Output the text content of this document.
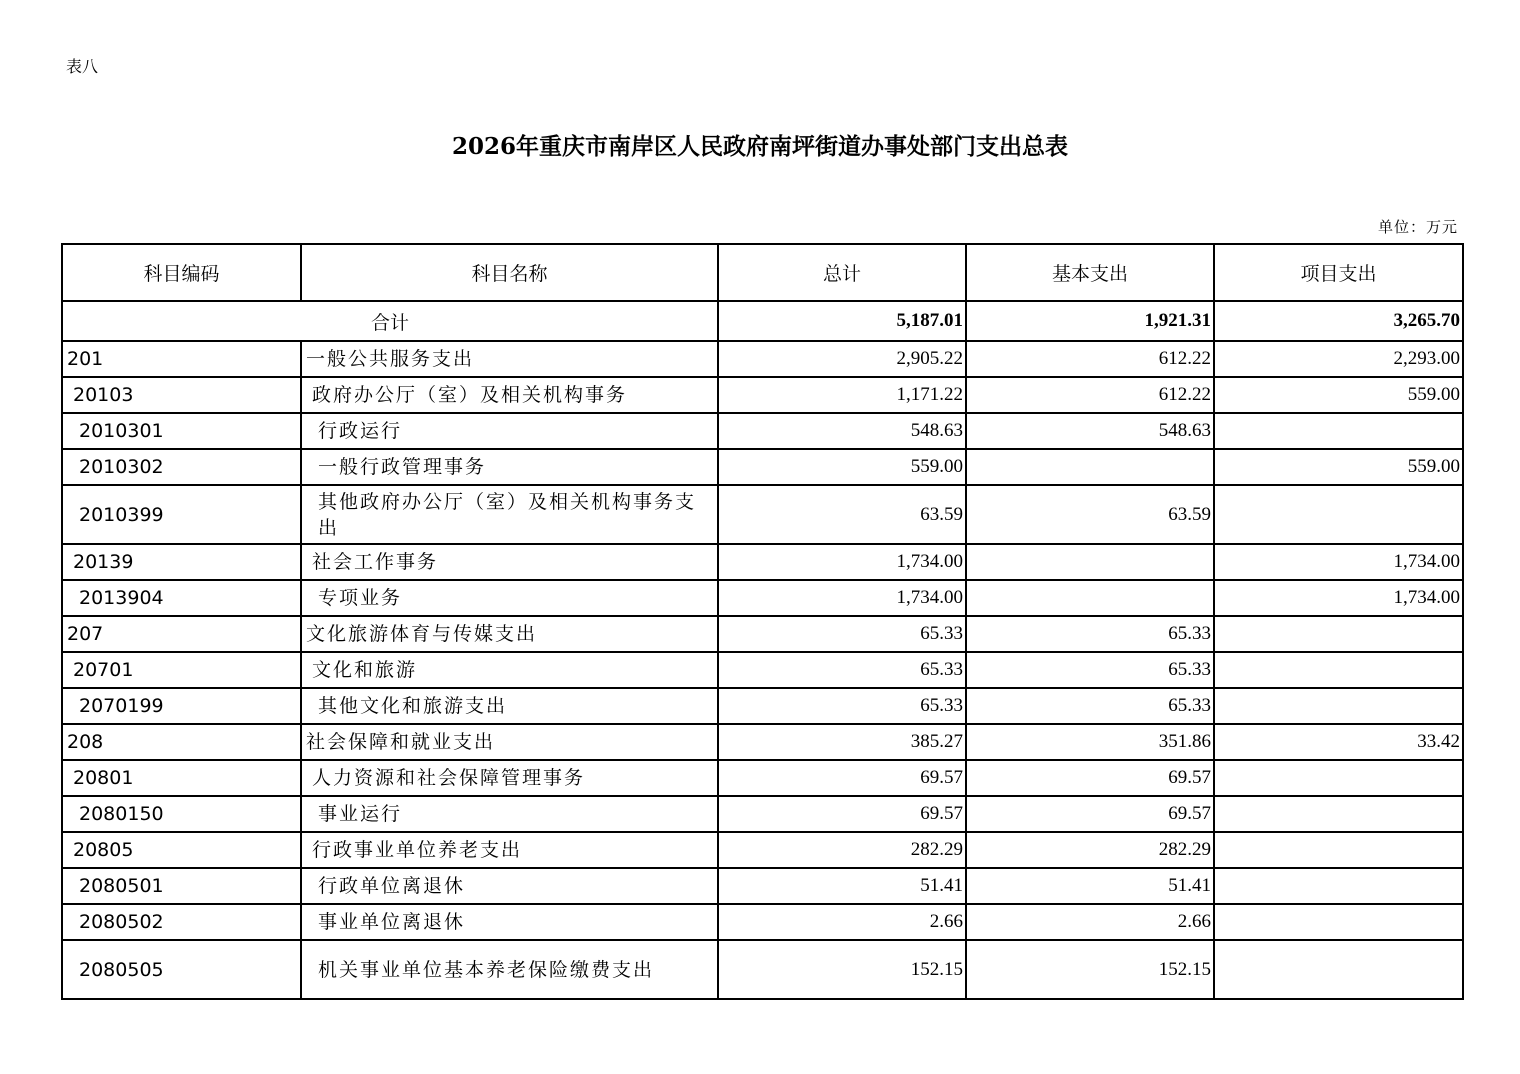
表八
2026年重庆市南岸区人民政府南坪街道办事处部门支出总表
单位：万元
科目编码	科目名称	总计	基本支出	项目支出
合计		5,187.01	1,921.31	3,265.70
201	一般公共服务支出	2,905.22	612.22	2,293.00
20103	政府办公厅（室）及相关机构事务	1,171.22	612.22	559.00
2010301	行政运行	548.63	548.63	
2010302	一般行政管理事务	559.00		559.00
2010399	其他政府办公厅（室）及相关机构事务支出	63.59	63.59	
20139	社会工作事务	1,734.00		1,734.00
2013904	专项业务	1,734.00		1,734.00
207	文化旅游体育与传媒支出	65.33	65.33	
20701	文化和旅游	65.33	65.33	
2070199	其他文化和旅游支出	65.33	65.33	
208	社会保障和就业支出	385.27	351.86	33.42
20801	人力资源和社会保障管理事务	69.57	69.57	
2080150	事业运行	69.57	69.57	
20805	行政事业单位养老支出	282.29	282.29	
2080501	行政单位离退休	51.41	51.41	
2080502	事业单位离退休	2.66	2.66	
2080505	机关事业单位基本养老保险缴费支出	152.15	152.15	
